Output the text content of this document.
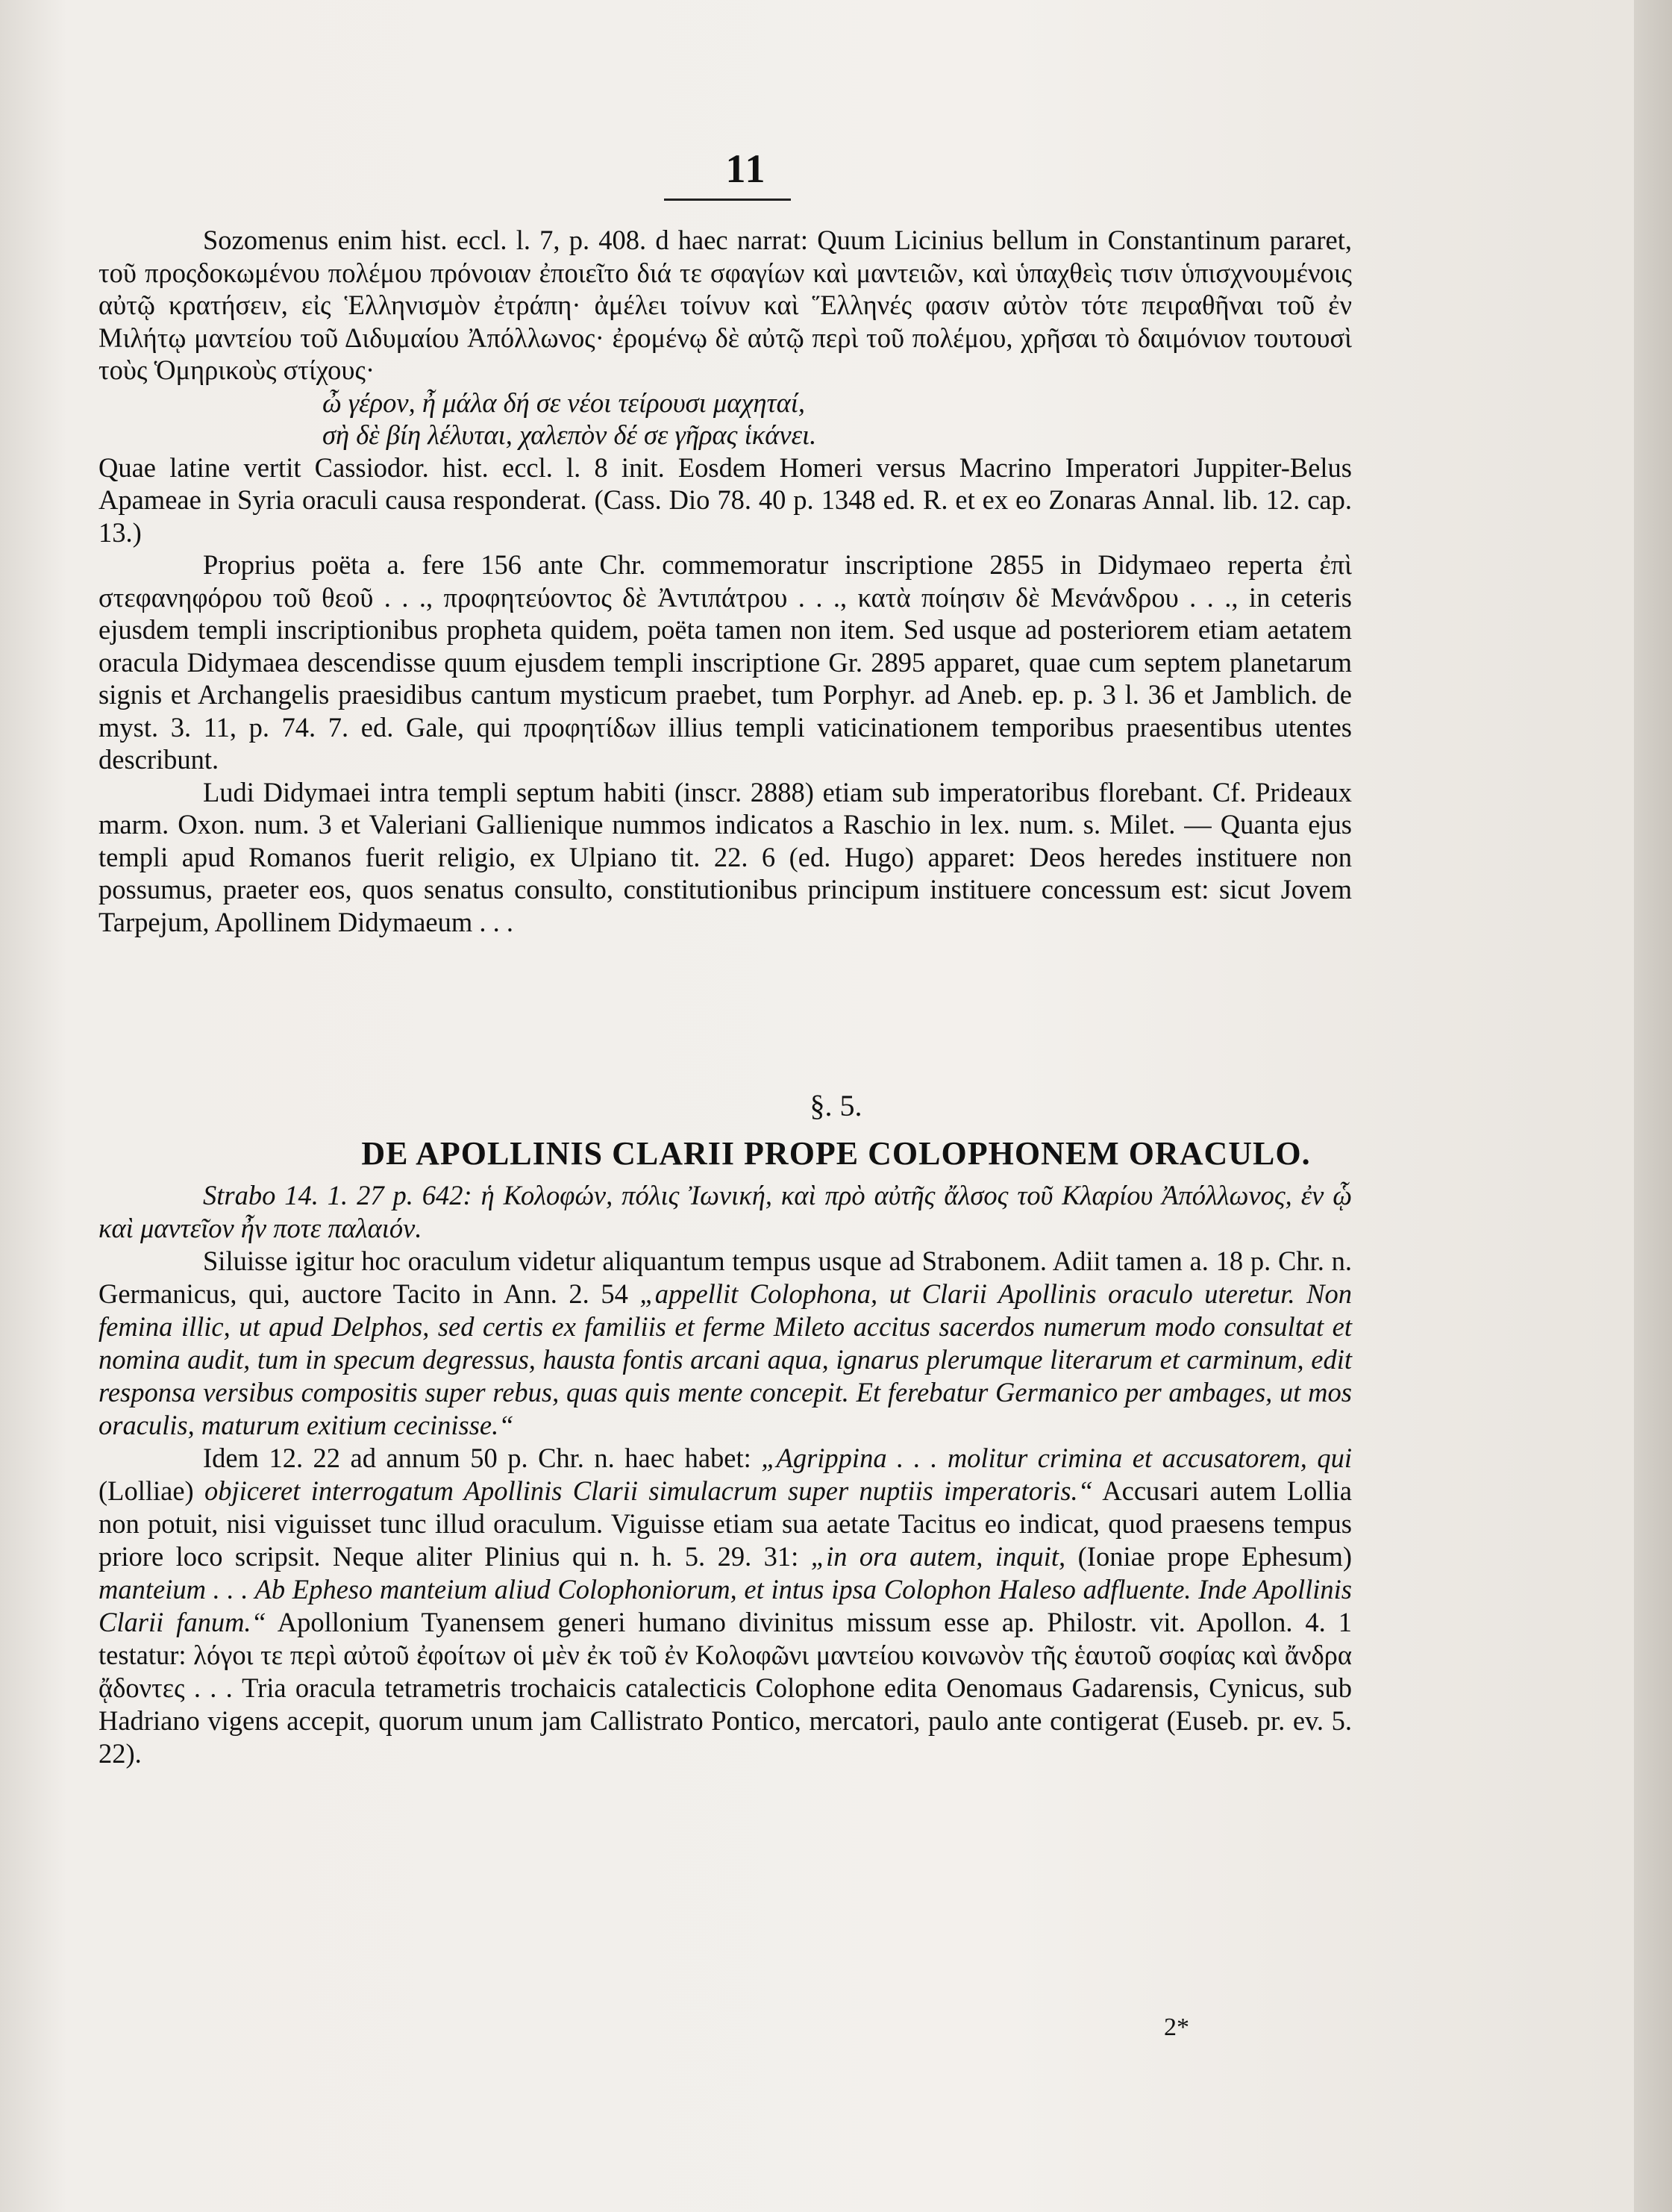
11

Sozomenus enim hist. eccl. l. 7, p. 408. d haec narrat: Quum Licinius bellum in Constantinum pararet, τοῦ προςδοκωμένου πολέμου πρόνοιαν ἐποιεῖτο διά τε σφαγίων καὶ μαντειῶν, καὶ ὑπαχθεὶς τισιν ὑπισχνουμένοις αὐτῷ κρατήσειν, εἰς Ἑλληνισμὸν ἐτράπη· ἀμέλει τοίνυν καὶ Ἕλληνές φασιν αὐτὸν τότε πειραθῆναι τοῦ ἐν Μιλήτῳ μαντείου τοῦ Διδυμαίου Ἀπόλλωνος· ἐρομένῳ δὲ αὐτῷ περὶ τοῦ πολέμου, χρῆσαι τὸ δαιμόνιον τουτουσὶ τοὺς Ὁμηρικοὺς στίχους·

ὦ γέρον, ἦ μάλα δή σε νέοι τείρουσι μαχηταί,

σὴ δὲ βίη λέλυται, χαλεπὸν δέ σε γῆρας ἱκάνει.

Quae latine vertit Cassiodor. hist. eccl. l. 8 init. Eosdem Homeri versus Macrino Imperatori Juppiter-Belus Apameae in Syria oraculi causa responderat. (Cass. Dio 78. 40 p. 1348 ed. R. et ex eo Zonaras Annal. lib. 12. cap. 13.)

Proprius poëta a. fere 156 ante Chr. commemoratur inscriptione 2855 in Didymaeo reperta ἐπὶ στεφανηφόρου τοῦ θεοῦ . . ., προφητεύοντος δὲ Ἀντιπάτρου . . ., κατὰ ποίησιν δὲ Μενάνδρου . . ., in ceteris ejusdem templi inscriptionibus propheta quidem, poëta tamen non item. Sed usque ad posteriorem etiam aetatem oracula Didymaea descendisse quum ejusdem templi inscriptione Gr. 2895 apparet, quae cum septem planetarum signis et Archangelis praesidibus cantum mysticum praebet, tum Porphyr. ad Aneb. ep. p. 3 l. 36 et Jamblich. de myst. 3. 11, p. 74. 7. ed. Gale, qui προφητίδων illius templi vaticinationem temporibus praesentibus utentes describunt.

Ludi Didymaei intra templi septum habiti (inscr. 2888) etiam sub imperatoribus florebant. Cf. Prideaux marm. Oxon. num. 3 et Valeriani Gallienique nummos indicatos a Raschio in lex. num. s. Milet. — Quanta ejus templi apud Romanos fuerit religio, ex Ulpiano tit. 22. 6 (ed. Hugo) apparet: Deos heredes instituere non possumus, praeter eos, quos senatus consulto, constitutionibus principum instituere concessum est: sicut Jovem Tarpejum, Apollinem Didymaeum . . .

§. 5.
DE APOLLINIS CLARII PROPE COLOPHONEM ORACULO.

Strabo 14. 1. 27 p. 642: ἡ Κολοφών, πόλις Ἰωνική, καὶ πρὸ αὐτῆς ἄλσος τοῦ Κλαρίου Ἀπόλλωνος, ἐν ᾧ καὶ μαντεῖον ἦν ποτε παλαιόν.

Siluisse igitur hoc oraculum videtur aliquantum tempus usque ad Strabonem. Adiit tamen a. 18 p. Chr. n. Germanicus, qui, auctore Tacito in Ann. 2. 54 „appellit Colophona, ut Clarii Apollinis oraculo uteretur. Non femina illic, ut apud Delphos, sed certis ex familiis et ferme Mileto accitus sacerdos numerum modo consultat et nomina audit, tum in specum degressus, hausta fontis arcani aqua, ignarus plerumque literarum et carminum, edit responsa versibus compositis super rebus, quas quis mente concepit. Et ferebatur Germanico per ambages, ut mos oraculis, maturum exitium cecinisse.“

Idem 12. 22 ad annum 50 p. Chr. n. haec habet: „Agrippina . . . molitur crimina et accusatorem, qui (Lolliae) objiceret interrogatum Apollinis Clarii simulacrum super nuptiis imperatoris.“ Accusari autem Lollia non potuit, nisi viguisset tunc illud oraculum. Viguisse etiam sua aetate Tacitus eo indicat, quod praesens tempus priore loco scripsit. Neque aliter Plinius qui n. h. 5. 29. 31: „in ora autem, inquit, (Ioniae prope Ephesum) manteium . . . Ab Epheso manteium aliud Colophoniorum, et intus ipsa Colophon Haleso adfluente. Inde Apollinis Clarii fanum.“ Apollonium Tyanensem generi humano divinitus missum esse ap. Philostr. vit. Apollon. 4. 1 testatur: λόγοι τε περὶ αὐτοῦ ἐφοίτων οἱ μὲν ἐκ τοῦ ἐν Κολοφῶνι μαντείου κοινωνὸν τῆς ἑαυτοῦ σοφίας καὶ ἄνδρα ᾄδοντες . . . Tria oracula tetrametris trochaicis catalecticis Colophone edita Oenomaus Gadarensis, Cynicus, sub Hadriano vigens accepit, quorum unum jam Callistrato Pontico, mercatori, paulo ante contigerat (Euseb. pr. ev. 5. 22).

2*
